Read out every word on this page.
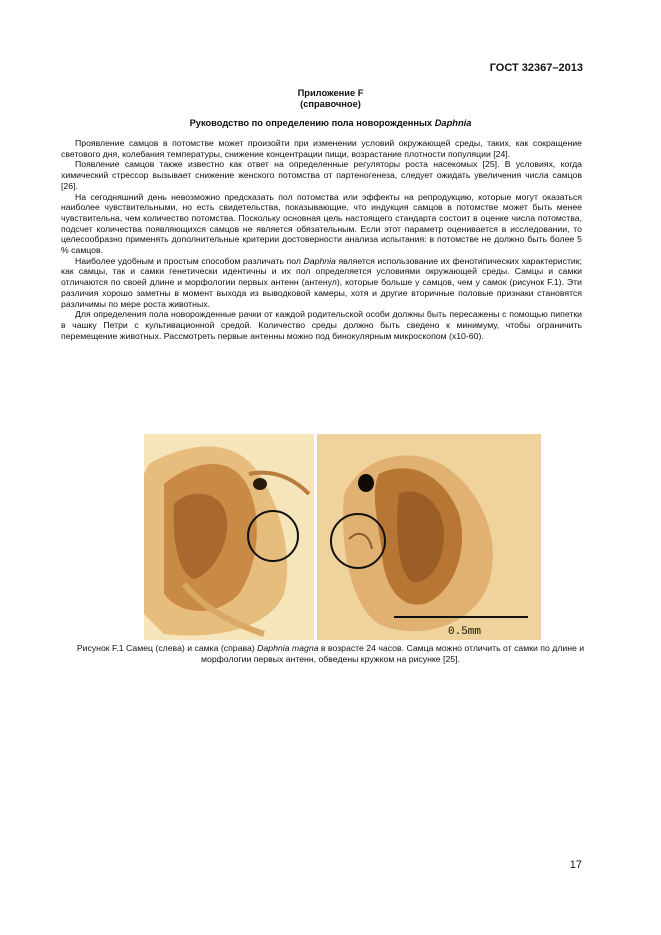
ГОСТ 32367–2013
Приложение F
(справочное)
Руководство по определению пола новорожденных Daphnia

Проявление самцов в потомстве может произойти при изменении условий окружающей среды, таких, как сокращение светового дня, колебания температуры, снижение концентрации пищи, возрастание плотности популяции [24].

Появление самцов также известно как ответ на определенные регуляторы роста насекомых [25]. В условиях, когда химический стрессор вызывает снижение женского потомства от партеногенеза, следует ожидать увеличения числа самцов [26].

На сегодняшний день невозможно предсказать пол потомства или эффекты на репродукцию, которые могут оказаться наиболее чувствительными, но есть свидетельства, показывающие, что индукция самцов в потомстве может быть менее чувствительна, чем количество потомства. Поскольку основная цель настоящего стандарта состоит в оценке числа потомства, подсчет количества появляющихся самцов не является обязательным. Если этот параметр оценивается в исследовании, то целесообразно применять дополнительные критерии достоверности анализа испытания: в потомстве не должно быть более 5 % самцов.

Наиболее удобным и простым способом различать пол Daphnia является использование их фенотипических характеристик; как самцы, так и самки генетически идентичны и их пол определяется условиями окружающей среды. Самцы и самки отличаются по своей длине и морфологии первых антенн (антенул), которые больше у самцов, чем у самок (рисунок F.1). Эти различия хорошо заметны в момент выхода из выводковой камеры, хотя и другие вторичные половые признаки становятся различимы по мере роста животных.

Для определения пола новорожденные рачки от каждой родительской особи должны быть пересажены с помощью пипетки в чашку Петри с культивационной средой. Количество среды должно быть сведено к минимуму, чтобы ограничить перемещение животных. Рассмотреть первые антенны можно под бинокулярным микроскопом (х10-60).

0.5mm
Рисунок F.1 Самец (слева) и самка (справа) Daphnia magna в возрасте 24 часов. Самца можно отличить от самки по длине и морфологии первых антенн, обведены кружком на рисунке [25].
17
